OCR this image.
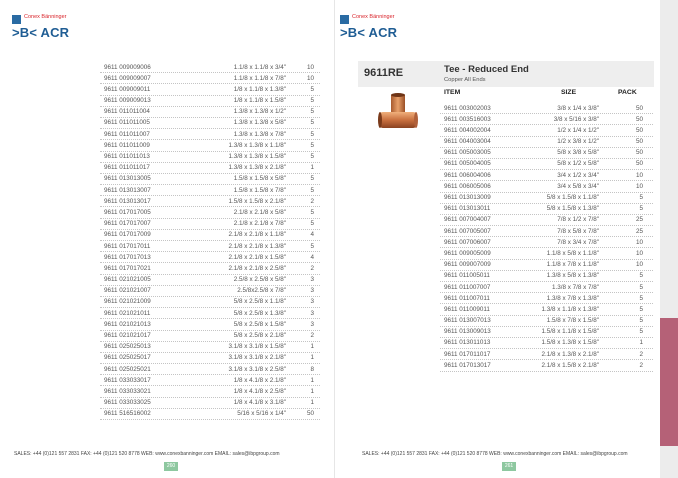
Conex Bänninger
>B< ACR
9611 009009006	1.1/8 x 1.1/8 x 3/4"	10
9611 009009007	1.1/8 x 1.1/8 x 7/8"	10
9611 009009011	1/8 x 1.1/8 x 1.3/8"	5
9611 009009013	1/8 x 1.1/8 x 1.5/8"	5
9611 011011004	1.3/8 x 1.3/8 x 1/2"	5
9611 011011005	1.3/8 x 1.3/8 x 5/8"	5
9611 011011007	1.3/8 x 1.3/8 x 7/8"	5
9611 011011009	1.3/8 x 1.3/8 x 1.1/8"	5
9611 011011013	1.3/8 x 1.3/8 x 1.5/8"	5
9611 011011017	1.3/8 x 1.3/8 x 2.1/8"	1
9611 013013005	1.5/8 x 1.5/8 x 5/8"	5
9611 013013007	1.5/8 x 1.5/8 x 7/8"	5
9611 013013017	1.5/8 x 1.5/8 x 2.1/8"	2
9611 017017005	2.1/8 x 2.1/8 x 5/8"	5
9611 017017007	2.1/8 x 2.1/8 x 7/8"	5
9611 017017009	2.1/8 x 2.1/8 x 1.1/8"	4
9611 017017011	2.1/8 x 2.1/8 x 1.3/8"	5
9611 017017013	2.1/8 x 2.1/8 x 1.5/8"	4
9611 017017021	2.1/8 x 2.1/8 x 2.5/8"	2
9611 021021005	2.5/8 x 2.5/8 x 5/8"	3
9611 021021007	2.5/8x2.5/8 x 7/8"	3
9611 021021009	5/8 x 2.5/8 x 1.1/8"	3
9611 021021011	5/8 x 2.5/8 x 1.3/8"	3
9611 021021013	5/8 x 2.5/8 x 1.5/8"	3
9611 021021017	5/8 x 2.5/8 x 2.1/8"	2
9611 025025013	3.1/8 x 3.1/8 x 1.5/8"	1
9611 025025017	3.1/8 x 3.1/8 x 2.1/8"	1
9611 025025021	3.1/8 x 3.1/8 x 2.5/8"	8
9611 033033017	1/8 x 4.1/8 x 2.1/8"	1
9611 033033021	1/8 x 4.1/8 x 2.5/8"	1
9611 033033025	1/8 x 4.1/8 x 3.1/8"	1
9611 516516002	5/16 x 5/16 x 1/4"	50
SALES: +44 (0)121 557 2831 FAX: +44 (0)121 520 8778 WEB: www.conexbanninger.com EMAIL: sales@ibpgroup.com
260
Conex Bänninger
>B< ACR
SALES: +44 (0)121 557 2831 FAX: +44 (0)121 520 8778 WEB: www.conexbanninger.com EMAIL: sales@ibpgroup.com
261
9611RE	Tee - Reduced End
Copper All Ends
ITEM	SIZE	PACK
9611 003002003	3/8 x 1/4 x 3/8"	50
9611 003516003	3/8 x 5/16 x 3/8"	50
9611 004002004	1/2 x 1/4 x 1/2"	50
9611 004003004	1/2 x 3/8 x 1/2"	50
9611 005003005	5/8 x 3/8 x 5/8"	50
9611 005004005	5/8 x 1/2 x 5/8"	50
9611 006004006	3/4 x 1/2 x 3/4"	10
9611 006005006	3/4 x 5/8 x 3/4"	10
9611 013013009	5/8 x 1.5/8 x 1.1/8"	5
9611 013013011	5/8 x 1.5/8 x 1.3/8"	5
9611 007004007	7/8 x 1/2 x 7/8"	25
9611 007005007	7/8 x 5/8 x 7/8"	25
9611 007006007	7/8 x 3/4 x 7/8"	10
9611 009005009	1.1/8 x 5/8 x 1.1/8"	10
9611 009007009	1.1/8 x 7/8 x 1.1/8"	10
9611 011005011	1.3/8 x 5/8 x 1.3/8"	5
9611 011007007	1.3/8 x 7/8 x 7/8"	5
9611 011007011	1.3/8 x 7/8 x 1.3/8"	5
9611 011009011	1.3/8 x 1.1/8 x 1.3/8"	5
9611 013007013	1.5/8 x 7/8 x 1.5/8"	5
9611 013009013	1.5/8 x 1.1/8 x 1.5/8"	5
9611 013011013	1.5/8 x 1.3/8 x 1.5/8"	1
9611 017011017	2.1/8 x 1.3/8 x 2.1/8"	2
9611 017013017	2.1/8 x 1.5/8 x 2.1/8"	2
